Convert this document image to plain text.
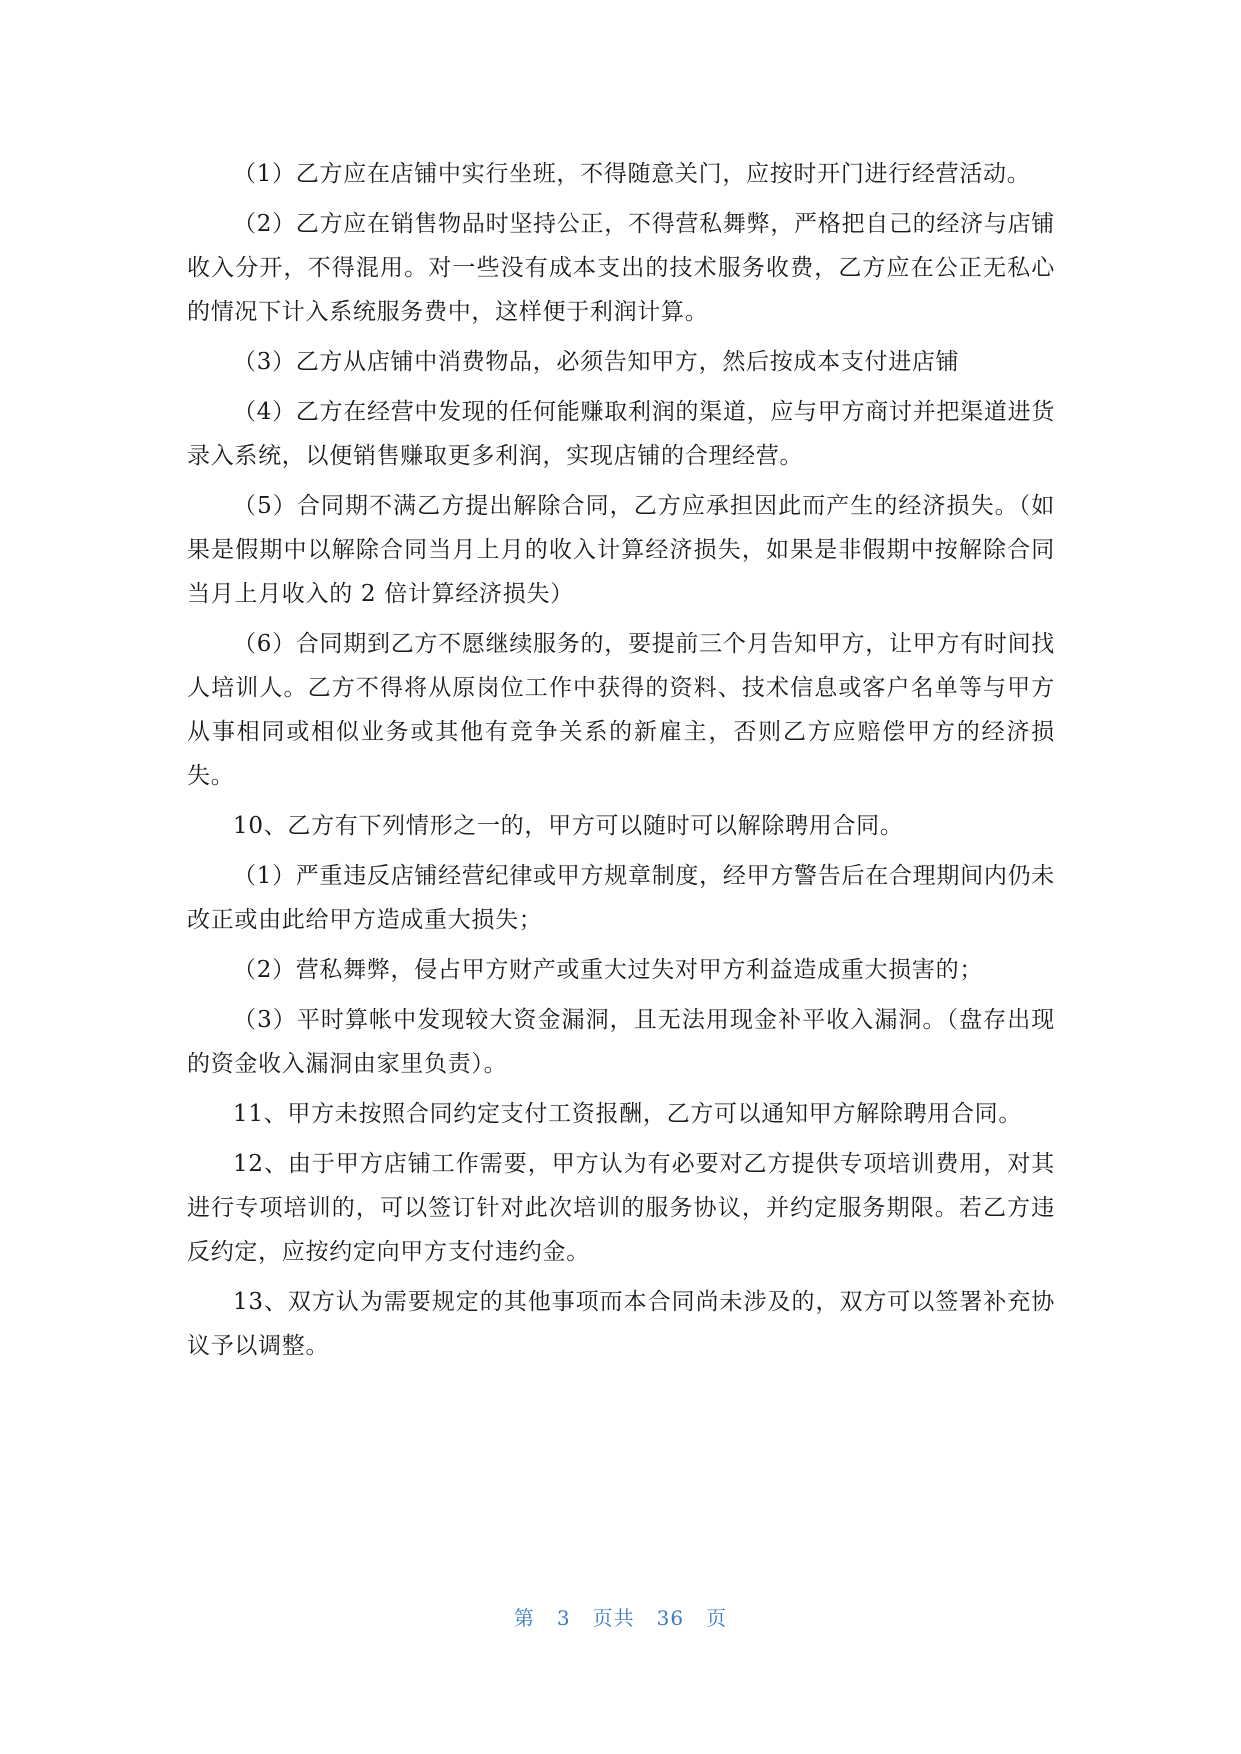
（1）乙方应在店铺中实行坐班，不得随意关门，应按时开门进行经营活动。

（2）乙方应在销售物品时坚持公正，不得营私舞弊，严格把自己的经济与店铺收入分开，不得混用。对一些没有成本支出的技术服务收费，乙方应在公正无私心的情况下计入系统服务费中，这样便于利润计算。

（3）乙方从店铺中消费物品，必须告知甲方，然后按成本支付进店铺

（4）乙方在经营中发现的任何能赚取利润的渠道，应与甲方商讨并把渠道进货录入系统，以便销售赚取更多利润，实现店铺的合理经营。

（5）合同期不满乙方提出解除合同，乙方应承担因此而产生的经济损失。（如果是假期中以解除合同当月上月的收入计算经济损失，如果是非假期中按解除合同当月上月收入的 2 倍计算经济损失）

（6）合同期到乙方不愿继续服务的，要提前三个月告知甲方，让甲方有时间找人培训人。乙方不得将从原岗位工作中获得的资料、技术信息或客户名单等与甲方从事相同或相似业务或其他有竞争关系的新雇主，否则乙方应赔偿甲方的经济损失。

10、乙方有下列情形之一的，甲方可以随时可以解除聘用合同。

（1）严重违反店铺经营纪律或甲方规章制度，经甲方警告后在合理期间内仍未改正或由此给甲方造成重大损失；

（2）营私舞弊，侵占甲方财产或重大过失对甲方利益造成重大损害的；

（3）平时算帐中发现较大资金漏洞，且无法用现金补平收入漏洞。（盘存出现的资金收入漏洞由家里负责）。

11、甲方未按照合同约定支付工资报酬，乙方可以通知甲方解除聘用合同。

12、由于甲方店铺工作需要，甲方认为有必要对乙方提供专项培训费用，对其进行专项培训的，可以签订针对此次培训的服务协议，并约定服务期限。若乙方违反约定，应按约定向甲方支付违约金。

13、双方认为需要规定的其他事项而本合同尚未涉及的，双方可以签署补充协议予以调整。

第 3 页共 36 页
